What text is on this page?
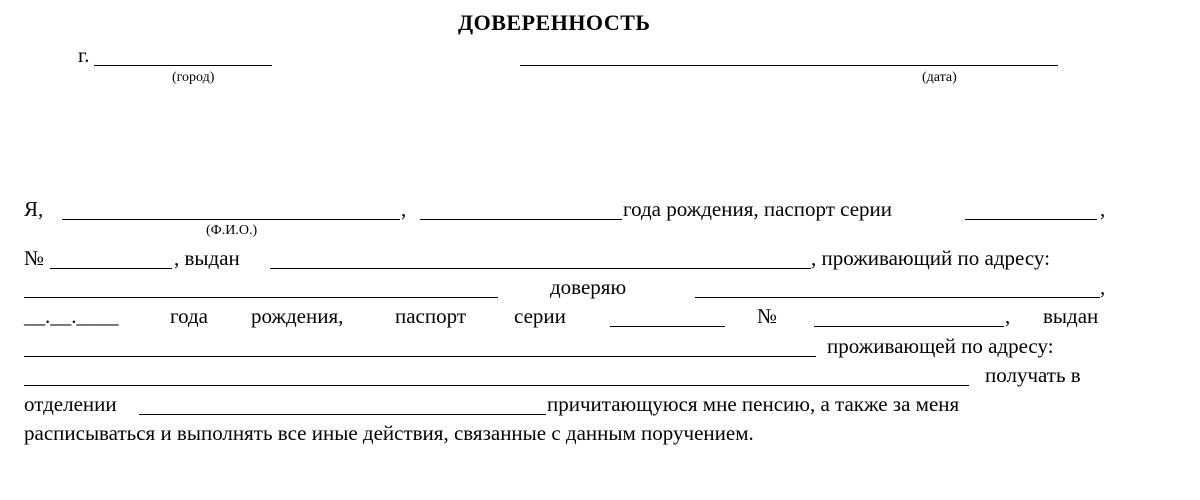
ДОВЕРЕННОСТЬ
г.
(город)	(дата)
Я,	,	года рождения, паспорт серии	,
(Ф.И.О.)
№	, выдан	, проживающий по адресу:
доверяю	,
__.__.____ года рождения, паспорт серии	№	, выдан
проживающей по адресу:
получать в
отделении	причитающуюся мне пенсию, а также за меня
расписываться и выполнять все иные действия, связанные с данным поручением.
